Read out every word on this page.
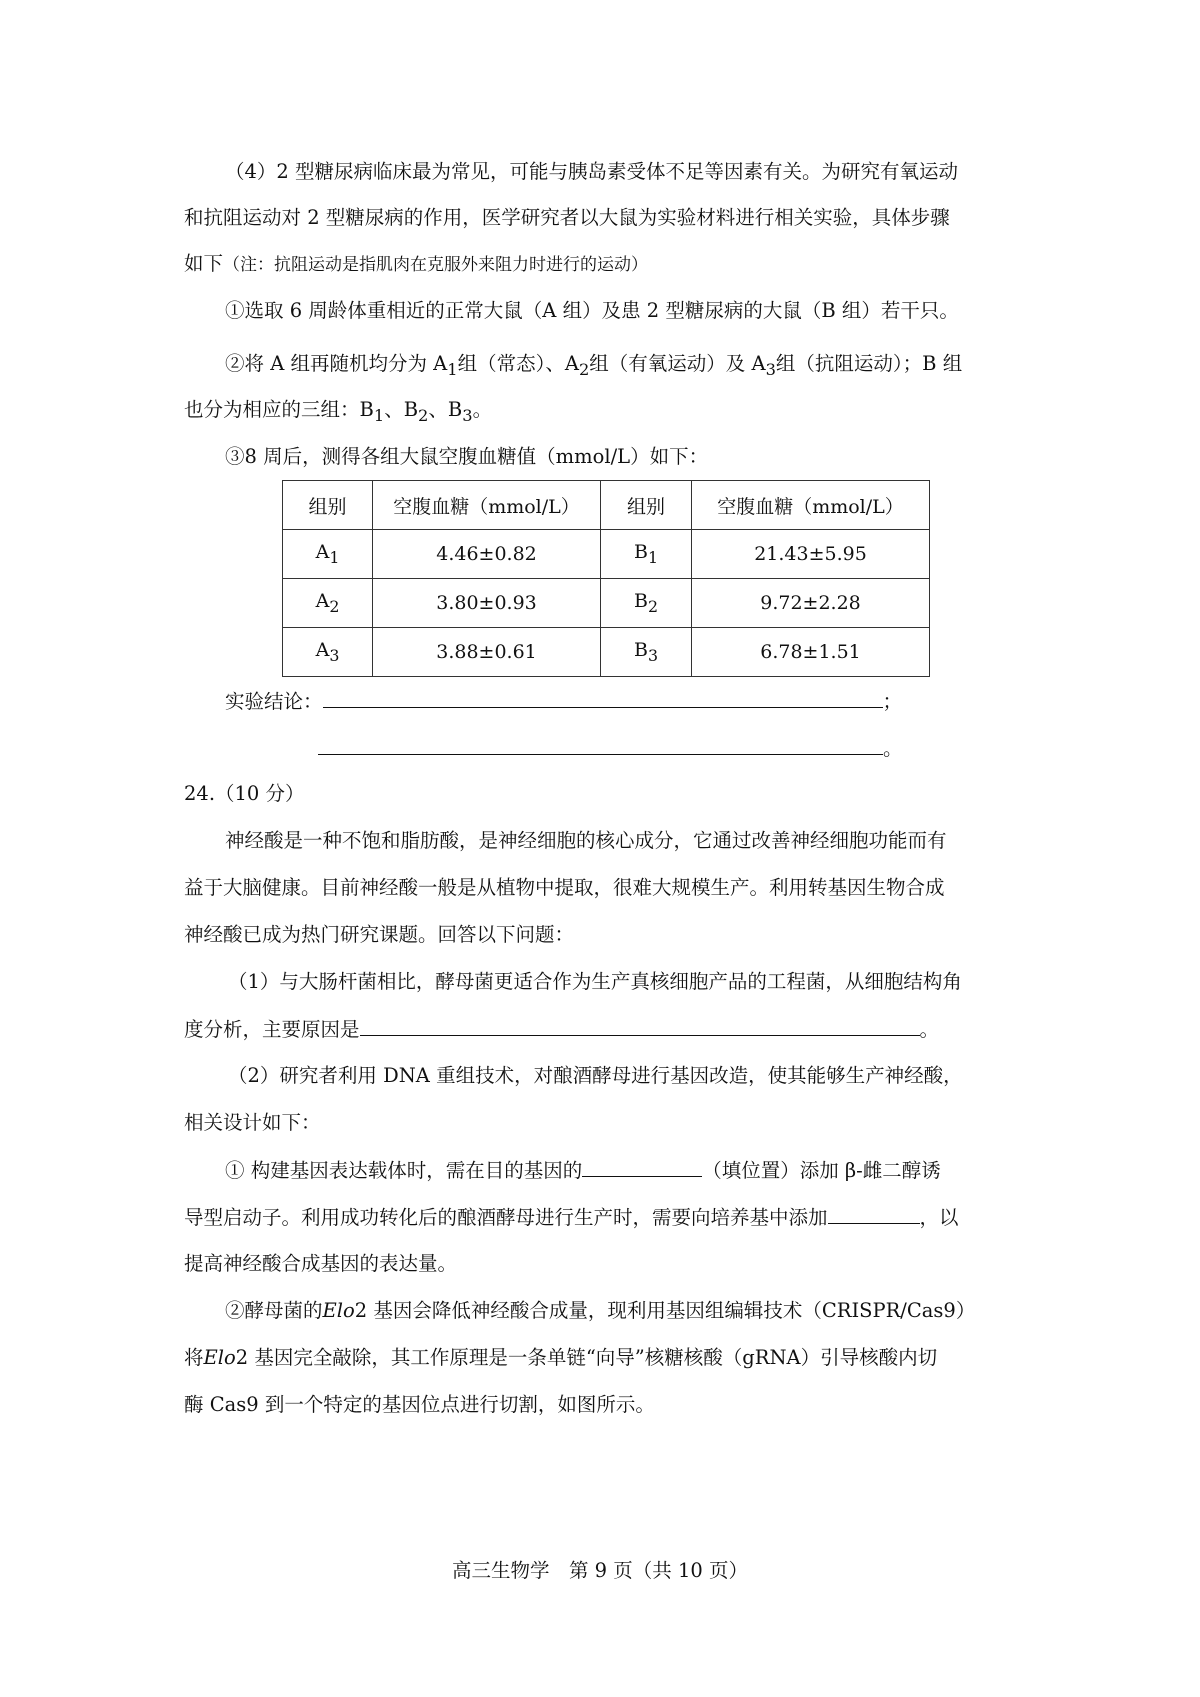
（4）2 型糖尿病临床最为常见，可能与胰岛素受体不足等因素有关。为研究有氧运动
和抗阻运动对 2 型糖尿病的作用，医学研究者以大鼠为实验材料进行相关实验，具体步骤
如下（注：抗阻运动是指肌肉在克服外来阻力时进行的运动）
①选取 6 周龄体重相近的正常大鼠（A 组）及患 2 型糖尿病的大鼠（B 组）若干只。
②将 A 组再随机均分为 $A_1$组（常态）、$A_2$组（有氧运动）及 $A_3$组（抗阻运动）；B 组
也分为相应的三组：$B_1$、$B_2$、$B_3$。
③8 周后，测得各组大鼠空腹血糖值（mmol/L）如下：
组别	空腹血糖（mmol/L）	组别	空腹血糖（mmol/L）
$A_1$	4.46±0.82	$B_1$	21.43±5.95
$A_2$	3.80±0.93	$B_2$	9.72±2.28
$A_3$	3.88±0.61	$B_3$	6.78±1.51
实验结论：	；
。
24.（10 分）
神经酸是一种不饱和脂肪酸，是神经细胞的核心成分，它通过改善神经细胞功能而有
益于大脑健康。目前神经酸一般是从植物中提取，很难大规模生产。利用转基因生物合成
神经酸已成为热门研究课题。回答以下问题：
（1）与大肠杆菌相比，酵母菌更适合作为生产真核细胞产品的工程菌，从细胞结构角
度分析，主要原因是	。
（2）研究者利用 DNA 重组技术，对酿酒酵母进行基因改造，使其能够生产神经酸，
相关设计如下：
① 构建基因表达载体时，需在目的基因的	（填位置）添加 β-雌二醇诱
导型启动子。利用成功转化后的酿酒酵母进行生产时，需要向培养基中添加	，以
提高神经酸合成基因的表达量。
②酵母菌的Elo2 基因会降低神经酸合成量，现利用基因组编辑技术（CRISPR/Cas9）
将Elo2 基因完全敲除，其工作原理是一条单链“向导”核糖核酸（gRNA）引导核酸内切
酶 Cas9 到一个特定的基因位点进行切割，如图所示。
高三生物学　第 9 页（共 10 页）
